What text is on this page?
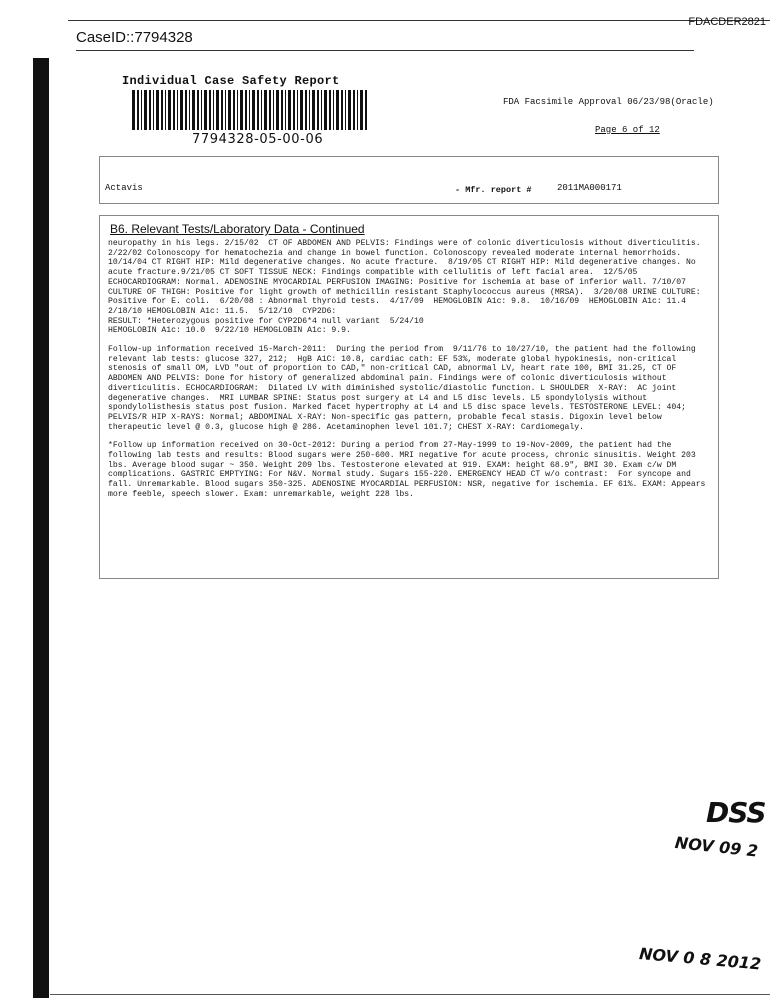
FDACDER2821
CaseID::7794328
Individual Case Safety Report
7794328-05-00-06
FDA Facsimile Approval 06/23/98(Oracle)
Page 6 of 12
Actavis	- Mfr. report #	2011MA000171
B6. Relevant Tests/Laboratory Data - Continued

neuropathy in his legs. 2/15/02  CT OF ABDOMEN AND PELVIS: Findings were of colonic diverticulosis without diverticulitis.  2/22/02 Colonoscopy for hematochezia and change in bowel function. Colonoscopy revealed moderate internal hemorrhoids.  10/14/04 CT RIGHT HIP: Mild degenerative changes. No acute fracture.  8/19/05 CT RIGHT HIP: Mild degenerative changes. No acute fracture.9/21/05 CT SOFT TISSUE NECK: Findings compatible with cellulitis of left facial area.  12/5/05  ECHOCARDIOGRAM: Normal. ADENOSINE MYOCARDIAL PERFUSION IMAGING: Positive for ischemia at base of inferior wall. 7/10/07 CULTURE OF THIGH: Positive for light growth of methicillin resistant Staphylococcus aureus (MRSA).  3/20/08 URINE CULTURE: Positive for E. coli.  6/20/08 : Abnormal thyroid tests.  4/17/09  HEMOGLOBIN A1c: 9.8.  10/16/09  HEMOGLOBIN A1c: 11.4  2/18/10 HEMOGLOBIN A1c: 11.5.  5/12/10  CYP2D6:
RESULT: *Heterozygous positive for CYP2D6*4 null variant  5/24/10
HEMOGLOBIN A1c: 10.0  9/22/10 HEMOGLOBIN A1c: 9.9.

Follow-up information received 15-March-2011:  During the period from  9/11/76 to 10/27/10, the patient had the following relevant lab tests: glucose 327, 212;  HgB A1C: 10.8, cardiac cath: EF 53%, moderate global hypokinesis, non-critical stenosis of small OM, LVD "out of proportion to CAD," non-critical CAD, abnormal LV, heart rate 100, BMI 31.25, CT OF ABDOMEN AND PELVIS: Done for history of generalized abdominal pain. Findings were of colonic diverticulosis without diverticulitis. ECHOCARDIOGRAM:  Dilated LV with diminished systolic/diastolic function. L SHOULDER  X-RAY:  AC joint degenerative changes.  MRI LUMBAR SPINE: Status post surgery at L4 and L5 disc levels. L5 spondylolysis without spondylolisthesis status post fusion. Marked facet hypertrophy at L4 and L5 disc space levels. TESTOSTERONE LEVEL: 404;  PELVIS/R HIP X-RAYS: Normal; ABDOMINAL X-RAY: Non-specific gas pattern, probable fecal stasis. Digoxin level below therapeutic level @ 0.3, glucose high @ 286. Acetaminophen level 101.7; CHEST X-RAY: Cardiomegaly.

*Follow up information received on 30-Oct-2012: During a period from 27-May-1999 to 19-Nov-2009, the patient had the following lab tests and results: Blood sugars were 250-600. MRI negative for acute process, chronic sinusitis. Weight 203 lbs. Average blood sugar ~ 350. Weight 209 lbs. Testosterone elevated at 919. EXAM: height 68.9", BMI 30. Exam c/w DM complications. GASTRIC EMPTYING: For N&V. Normal study. Sugars 155-220. EMERGENCY HEAD CT w/o contrast:  For syncope and fall. Unremarkable. Blood sugars 350-325. ADENOSINE MYOCARDIAL PERFUSION: NSR, negative for ischemia. EF 61%. EXAM: Appears more feeble, speech slower. Exam: unremarkable, weight 228 lbs.

DSS
NOV 09 2
NOV 0 8 2012
